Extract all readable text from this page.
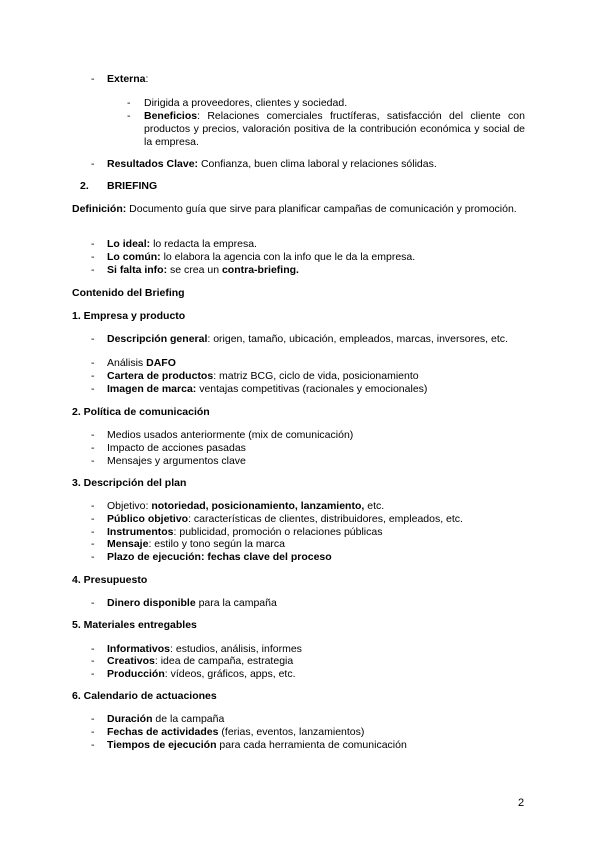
-	Externa:
-	Dirigida a proveedores, clientes y sociedad.
-	Beneficios: Relaciones comerciales fructíferas, satisfacción del cliente con productos y precios, valoración positiva de la contribución económica y social de la empresa.
-	Resultados Clave: Confianza, buen clima laboral y relaciones sólidas.
2. BRIEFING
Definición: Documento guía que sirve para planificar campañas de comunicación y promoción.
-	Lo ideal: lo redacta la empresa.
-	Lo común: lo elabora la agencia con la info que le da la empresa.
-	Si falta info: se crea un contra-briefing.
Contenido del Briefing
1. Empresa y producto
-	Descripción general: origen, tamaño, ubicación, empleados, marcas, inversores, etc.
-	Análisis DAFO
-	Cartera de productos: matriz BCG, ciclo de vida, posicionamiento
-	Imagen de marca: ventajas competitivas (racionales y emocionales)
2. Política de comunicación
-	Medios usados anteriormente (mix de comunicación)
-	Impacto de acciones pasadas
-	Mensajes y argumentos clave
3. Descripción del plan
-	Objetivo: notoriedad, posicionamiento, lanzamiento, etc.
-	Público objetivo: características de clientes, distribuidores, empleados, etc.
-	Instrumentos: publicidad, promoción o relaciones públicas
-	Mensaje: estilo y tono según la marca
-	Plazo de ejecución: fechas clave del proceso
4. Presupuesto
-	Dinero disponible para la campaña
5. Materiales entregables
-	Informativos: estudios, análisis, informes
-	Creativos: idea de campaña, estrategia
-	Producción: vídeos, gráficos, apps, etc.
6. Calendario de actuaciones
-	Duración de la campaña
-	Fechas de actividades (ferias, eventos, lanzamientos)
-	Tiempos de ejecución para cada herramienta de comunicación
2
